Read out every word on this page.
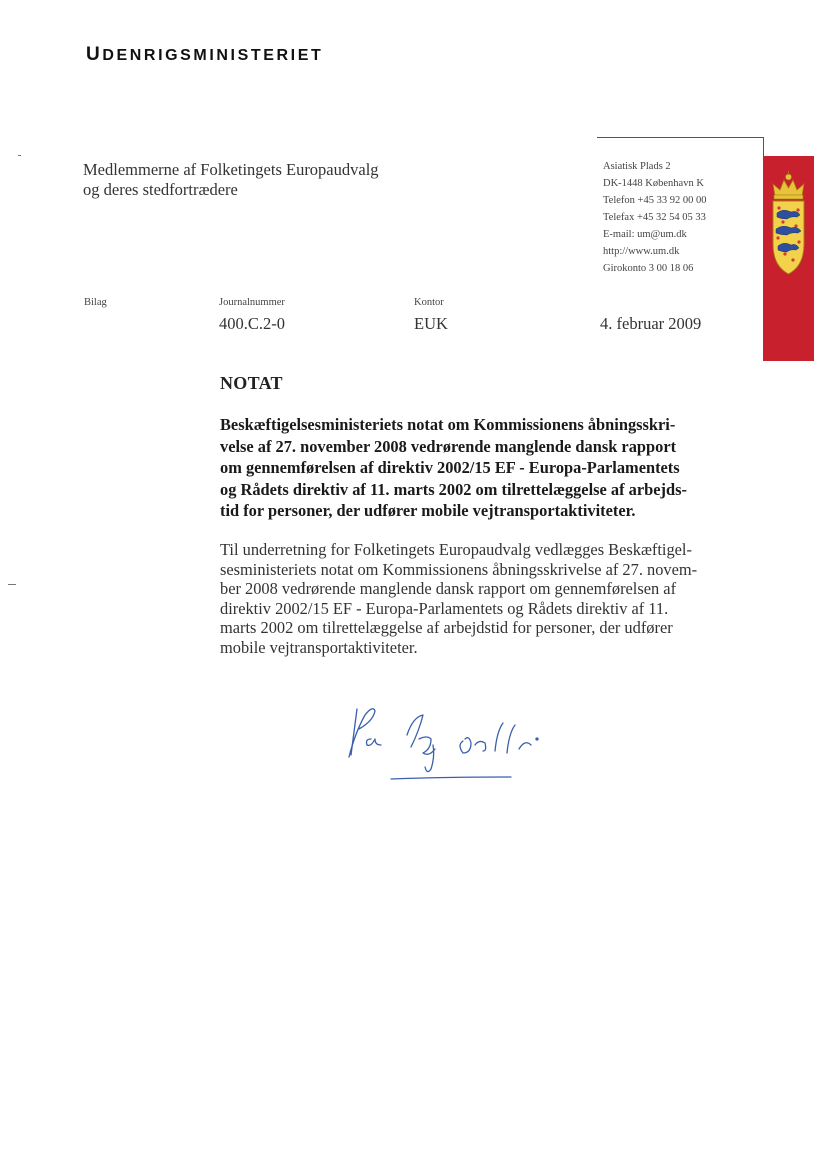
UDENRIGSMINISTERIET
Medlemmerne af Folketingets Europaudvalg
og deres stedfortrædere
Asiatisk Plads 2
DK-1448 København K
Telefon +45 33 92 00 00
Telefax +45 32 54 05 33
E-mail: um@um.dk
http://www.um.dk
Girokonto 3 00 18 06
Bilag	Journalnummer
400.C.2-0
Kontor
EUK	4. februar 2009
NOTAT
Beskæftigelsesministeriets notat om Kommissionens åbningsskri-
velse af 27. november 2008 vedrørende manglende dansk rapport
om gennemførelsen af direktiv 2002/15 EF - Europa-Parlamentets
og Rådets direktiv af 11. marts 2002 om tilrettelæggelse af arbejds-
tid for personer, der udfører mobile vejtransportaktiviteter.
Til underretning for Folketingets Europaudvalg vedlægges Beskæftigel-
sesministeriets notat om Kommissionens åbningsskrivelse af 27. novem-
ber 2008 vedrørende manglende dansk rapport om gennemførelsen af
direktiv 2002/15 EF - Europa-Parlamentets og Rådets direktiv af 11.
marts 2002 om tilrettelæggelse af arbejdstid for personer, der udfører
mobile vejtransportaktiviteter.
